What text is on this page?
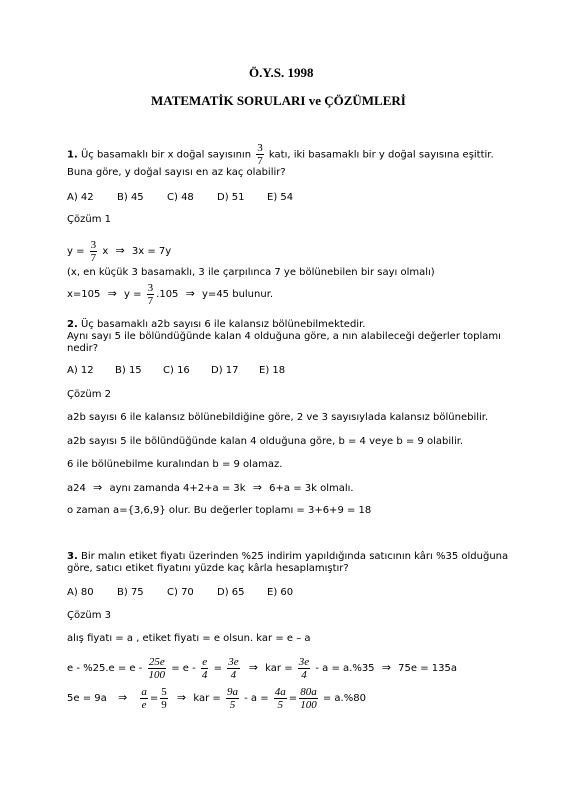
Ö.Y.S. 1998
MATEMATİK SORULARI ve ÇÖZÜMLERİ
1. Üç basamaklı bir x doğal sayısının $\frac{3}{7}$ katı, iki basamaklı bir y doğal sayısına eşittir.
Buna göre, y doğal sayısı en az kaç olabilir?
A) 42 B) 45 C) 48 D) 51 E) 54
Çözüm 1
$y = \frac{3}{7}$ x ⇒ 3x = 7y
(x, en küçük 3 basamaklı, 3 ile çarpılınca 7 ye bölünebilen bir sayı olmalı)
x=105 ⇒ $y = \frac{3}{7} .105$ ⇒ y=45 bulunur.
2. Üç basamaklı a2b sayısı 6 ile kalansız bölünebilmektedir.
Aynı sayı 5 ile bölündüğünde kalan 4 olduğuna göre, a nın alabileceği değerler toplamı
nedir?
A) 12 B) 15 C) 16 D) 17 E) 18
Çözüm 2
a2b sayısı 6 ile kalansız bölünebildiğine göre, 2 ve 3 sayısıylada kalansız bölünebilir.
a2b sayısı 5 ile bölündüğünde kalan 4 olduğuna göre, b = 4 veye b = 9 olabilir.
6 ile bölünebilme kuralından b = 9 olamaz.
a24 ⇒ aynı zamanda 4+2+a = 3k ⇒ 6+a = 3k olmalı.
o zaman a={3,6,9} olur. Bu değerler toplamı = 3+6+9 = 18
3. Bir malın etiket fiyatı üzerinden %25 indirim yapıldığında satıcının kârı %35 olduğuna
göre, satıcı etiket fiyatını yüzde kaç kârla hesaplamıştır?
A) 80 B) 75 C) 70 D) 65 E) 60
Çözüm 3
alış fiyatı = a , etiket fiyatı = e olsun. kar = e – a
$e - \%25.e = e - \frac{25e}{100} = e - \frac{e}{4} = \frac{3e}{4}$ ⇒ kar = $\frac{3e}{4} - a = a.\%35$ ⇒ 75e = 135a
5e = 9a ⇒ $\frac{a}{e} = \frac{5}{9}$ ⇒ kar = $\frac{9a}{5} - a = \frac{4a}{5} = \frac{80a}{100} = a.\%80$
